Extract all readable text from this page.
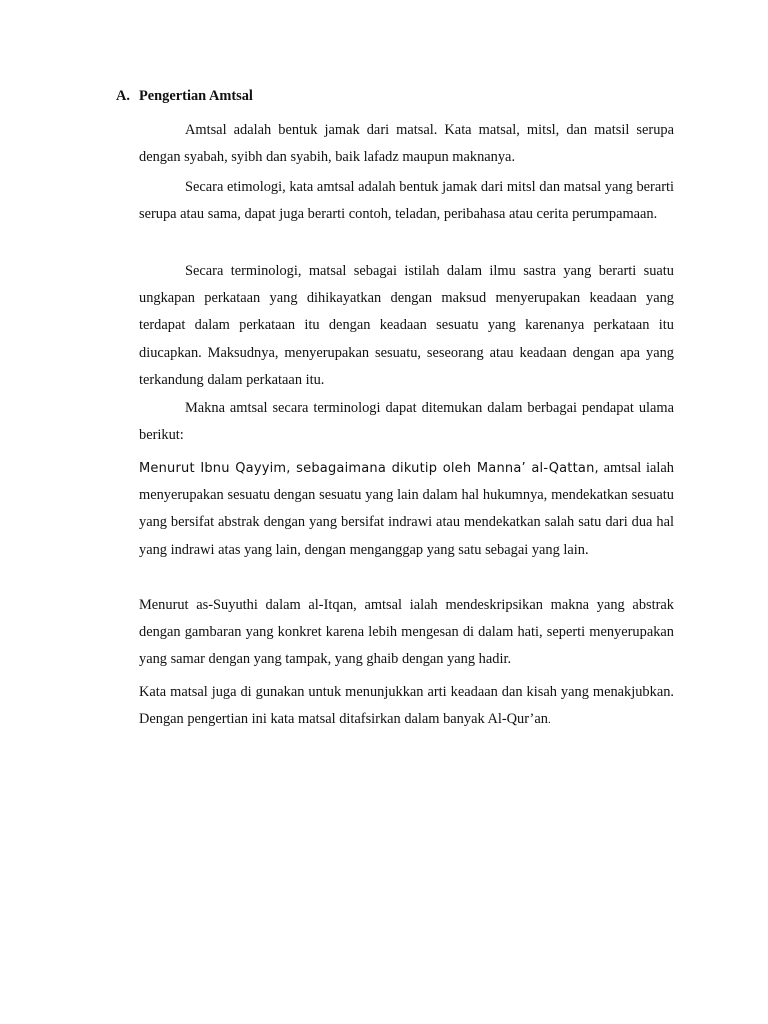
A. Pengertian Amtsal

Amtsal adalah bentuk jamak dari matsal. Kata matsal, mitsl, dan matsil serupa dengan syabah, syibh dan syabih, baik lafadz maupun maknanya.

Secara etimologi, kata amtsal adalah bentuk jamak dari mitsl dan matsal yang berarti serupa atau sama, dapat juga berarti contoh, teladan, peribahasa atau cerita perumpamaan.

Secara terminologi, matsal sebagai istilah dalam ilmu sastra yang berarti suatu ungkapan perkataan yang dihikayatkan dengan maksud menyerupakan keadaan yang terdapat dalam perkataan itu dengan keadaan sesuatu yang karenanya perkataan itu diucapkan. Maksudnya, menyerupakan sesuatu, seseorang atau keadaan dengan apa yang terkandung dalam perkataan itu.

Makna amtsal secara terminologi dapat ditemukan dalam berbagai pendapat ulama berikut:

Menurut Ibnu Qayyim, sebagaimana dikutip oleh Manna’ al-Qattan, amtsal ialah menyerupakan sesuatu dengan sesuatu yang lain dalam hal hukumnya, mendekatkan sesuatu yang bersifat abstrak dengan yang bersifat indrawi atau mendekatkan salah satu dari dua hal yang indrawi atas yang lain, dengan menganggap yang satu sebagai yang lain.

Menurut as-Suyuthi dalam al-Itqan, amtsal ialah mendeskripsikan makna yang abstrak dengan gambaran yang konkret karena lebih mengesan di dalam hati, seperti menyerupakan yang samar dengan yang tampak, yang ghaib dengan yang hadir.

Kata matsal juga di gunakan untuk menunjukkan arti keadaan dan kisah yang menakjubkan. Dengan pengertian ini kata matsal ditafsirkan dalam banyak Al-Qur’an.
